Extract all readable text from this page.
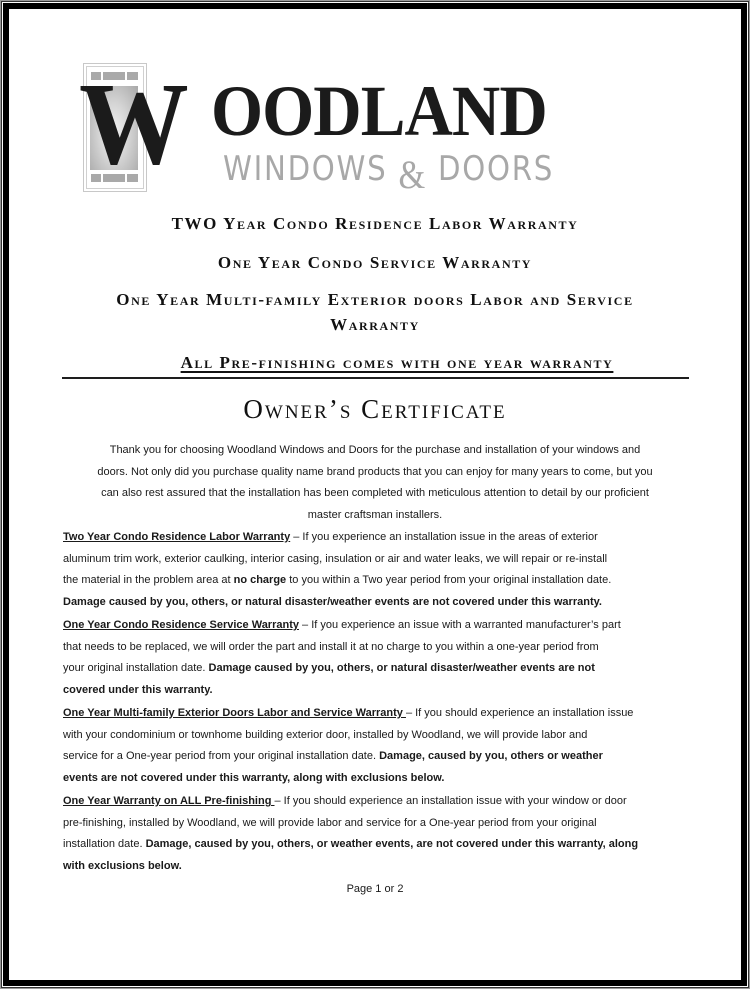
W OODLAND
WINDOWS & DOORS
TWO Year Condo Residence Labor Warranty
One Year Condo Service Warranty
One Year Multi-family Exterior doors Labor and Service
Warranty
All Pre-finishing comes with one year warranty
Owner’s Certificate
Thank you for choosing Woodland Windows and Doors for the purchase and installation of your windows and
doors. Not only did you purchase quality name brand products that you can enjoy for many years to come, but you
can also rest assured that the installation has been completed with meticulous attention to detail by our proficient
master craftsman installers.
Two Year Condo Residence Labor Warranty – If you experience an installation issue in the areas of exterior
aluminum trim work, exterior caulking, interior casing, insulation or air and water leaks, we will repair or re-install
the material in the problem area at no charge to you within a Two year period from your original installation date.
Damage caused by you, others, or natural disaster/weather events are not covered under this warranty.
One Year Condo Residence Service Warranty – If you experience an issue with a warranted manufacturer’s part
that needs to be replaced, we will order the part and install it at no charge to you within a one-year period from
your original installation date. Damage caused by you, others, or natural disaster/weather events are not
covered under this warranty.
One Year Multi-family Exterior Doors Labor and Service Warranty – If you should experience an installation issue
with your condominium or townhome building exterior door, installed by Woodland, we will provide labor and
service for a One-year period from your original installation date. Damage, caused by you, others or weather
events are not covered under this warranty, along with exclusions below.
One Year Warranty on ALL Pre-finishing – If you should experience an installation issue with your window or door
pre-finishing, installed by Woodland, we will provide labor and service for a One-year period from your original
installation date. Damage, caused by you, others, or weather events, are not covered under this warranty, along
with exclusions below.
Page 1 or 2
